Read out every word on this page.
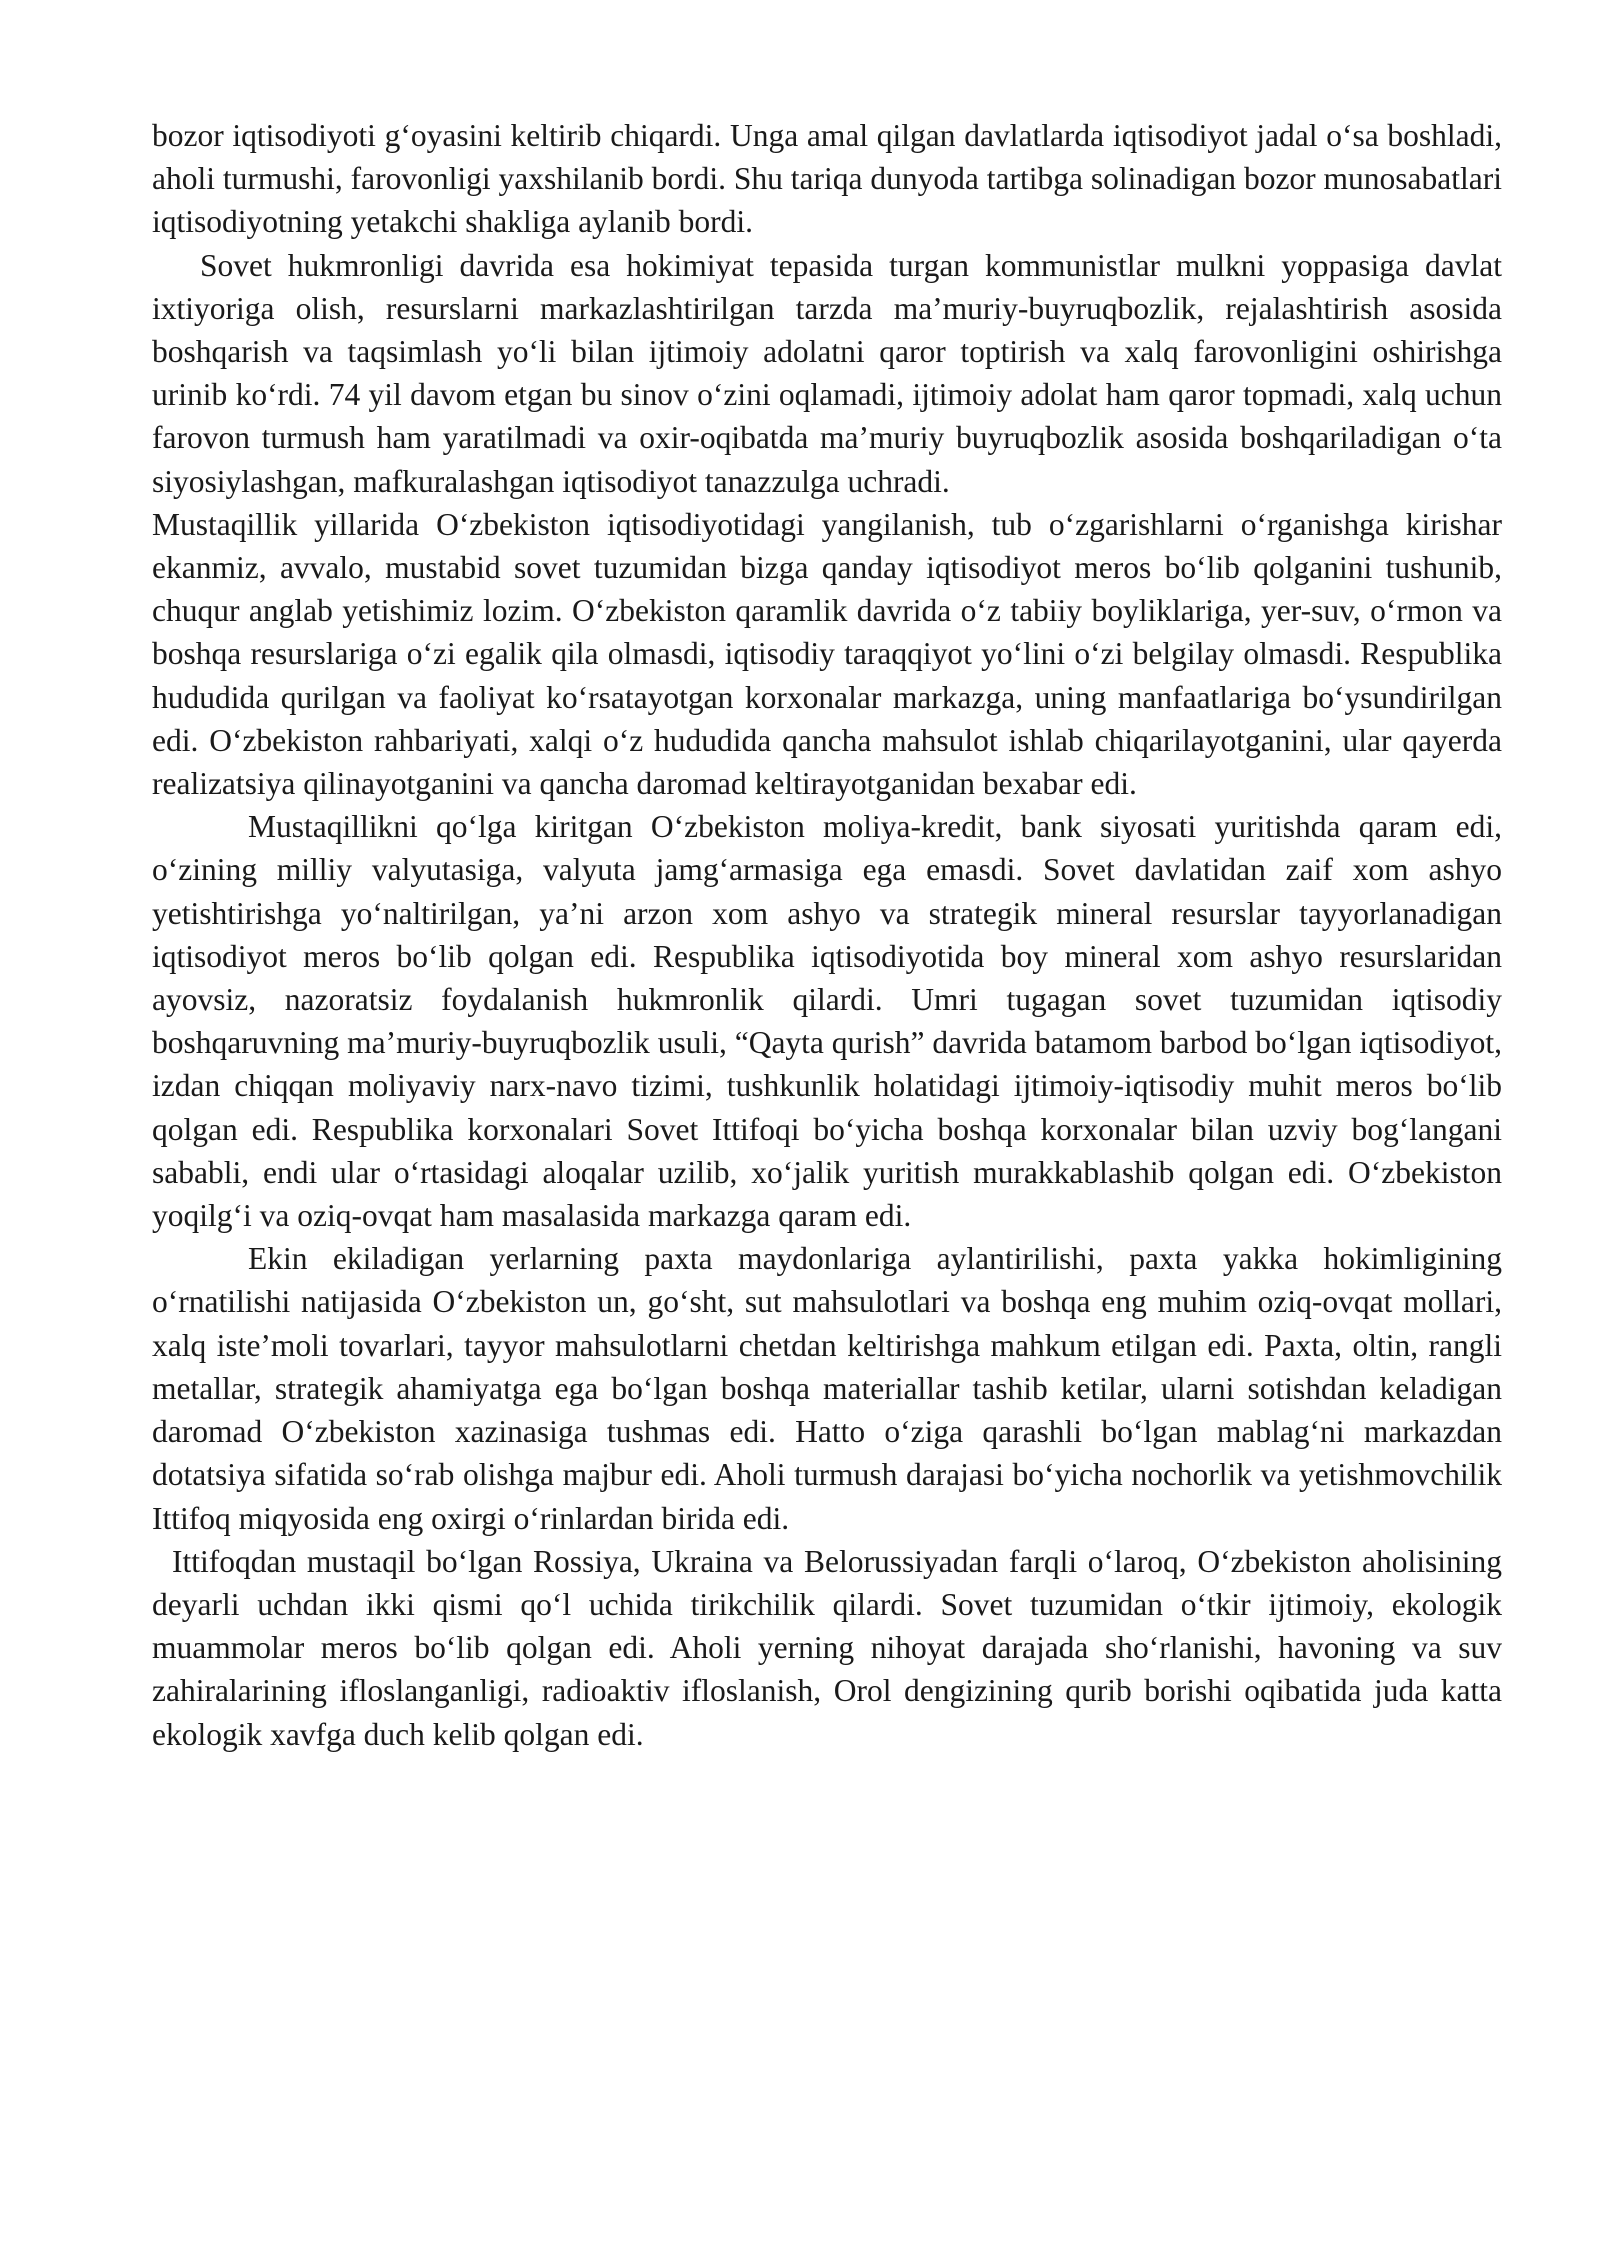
bozor iqtisodiyoti g‘oyasini keltirib chiqardi. Unga amal qilgan davlatlarda iqtisodiyot jadal o‘sa boshladi, aholi turmushi, farovonligi yaxshilanib bordi. Shu tariqa dunyoda tartibga solinadigan bozor munosabatlari iqtisodiyotning yetakchi shakliga aylanib bordi.

Sovet hukmronligi davrida esa hokimiyat tepasida turgan kommunistlar mulkni yoppasiga davlat ixtiyoriga olish, resurslarni markazlashtirilgan tarzda ma’muriy-buyruqbozlik, rejalashtirish asosida boshqarish va taqsimlash yo‘li bilan ijtimoiy adolatni qaror toptirish va xalq farovonligini oshirishga urinib ko‘rdi. 74 yil davom etgan bu sinov o‘zini oqlamadi, ijtimoiy adolat ham qaror topmadi, xalq uchun farovon turmush ham yaratilmadi va oxir-oqibatda ma’muriy buyruqbozlik asosida boshqariladigan o‘ta siyosiylashgan, mafkuralashgan iqtisodiyot tanazzulga uchradi.

Mustaqillik yillarida O‘zbekiston iqtisodiyotidagi yangilanish, tub o‘zgarishlarni o‘rganishga kirishar ekanmiz, avvalo, mustabid sovet tuzumidan bizga qanday iqtisodiyot meros bo‘lib qolganini tushunib, chuqur anglab yetishimiz lozim. O‘zbekiston qaramlik davrida o‘z tabiiy boyliklariga, yer-suv, o‘rmon va boshqa resurslariga o‘zi egalik qila olmasdi, iqtisodiy taraqqiyot yo‘lini o‘zi belgilay olmasdi. Respublika hududida qurilgan va faoliyat ko‘rsatayotgan korxonalar markazga, uning manfaatlariga bo‘ysundirilgan edi. O‘zbekiston rahbariyati, xalqi o‘z hududida qancha mahsulot ishlab chiqarilayotganini, ular qayerda realizatsiya qilinayotganini va qancha daromad keltirayotganidan bexabar edi.

Mustaqillikni qo‘lga kiritgan O‘zbekiston moliya-kredit, bank siyosati yuritishda qaram edi, o‘zining milliy valyutasiga, valyuta jamg‘armasiga ega emasdi. Sovet davlatidan zaif xom ashyo yetishtirishga yo‘naltirilgan, ya’ni arzon xom ashyo va strategik mineral resurslar tayyorlanadigan iqtisodiyot meros bo‘lib qolgan edi. Respublika iqtisodiyotida boy mineral xom ashyo resurslaridan ayovsiz, nazoratsiz foydalanish hukmronlik qilardi. Umri tugagan sovet tuzumidan iqtisodiy boshqaruvning ma’muriy-buyruqbozlik usuli, “Qayta qurish” davrida batamom barbod bo‘lgan iqtisodiyot, izdan chiqqan moliyaviy narx-navo tizimi, tushkunlik holatidagi ijtimoiy-iqtisodiy muhit meros bo‘lib qolgan edi. Respublika korxonalari Sovet Ittifoqi bo‘yicha boshqa korxonalar bilan uzviy bog‘langani sababli, endi ular o‘rtasidagi aloqalar uzilib, xo‘jalik yuritish murakkablashib qolgan edi. O‘zbekiston yoqilg‘i va oziq-ovqat ham masalasida markazga qaram edi.

Ekin ekiladigan yerlarning paxta maydonlariga aylantirilishi, paxta yakka hokimligining o‘rnatilishi natijasida O‘zbekiston un, go‘sht, sut mahsulotlari va boshqa eng muhim oziq-ovqat mollari, xalq iste’moli tovarlari, tayyor mahsulotlarni chetdan keltirishga mahkum etilgan edi. Paxta, oltin, rangli metallar, strategik ahamiyatga ega bo‘lgan boshqa materiallar tashib ketilar, ularni sotishdan keladigan daromad O‘zbekiston xazinasiga tushmas edi. Hatto o‘ziga qarashli bo‘lgan mablag‘ni markazdan dotatsiya sifatida so‘rab olishga majbur edi. Aholi turmush darajasi bo‘yicha nochorlik va yetishmovchilik Ittifoq miqyosida eng oxirgi o‘rinlardan birida edi.

Ittifoqdan mustaqil bo‘lgan Rossiya, Ukraina va Belorussiyadan farqli o‘laroq, O‘zbekiston aholisining deyarli uchdan ikki qismi qo‘l uchida tirikchilik qilardi. Sovet tuzumidan o‘tkir ijtimoiy, ekologik muammolar meros bo‘lib qolgan edi. Aholi yerning nihoyat darajada sho‘rlanishi, havoning va suv zahiralarining ifloslanganligi, radioaktiv ifloslanish, Orol dengizining qurib borishi oqibatida juda katta ekologik xavfga duch kelib qolgan edi.
